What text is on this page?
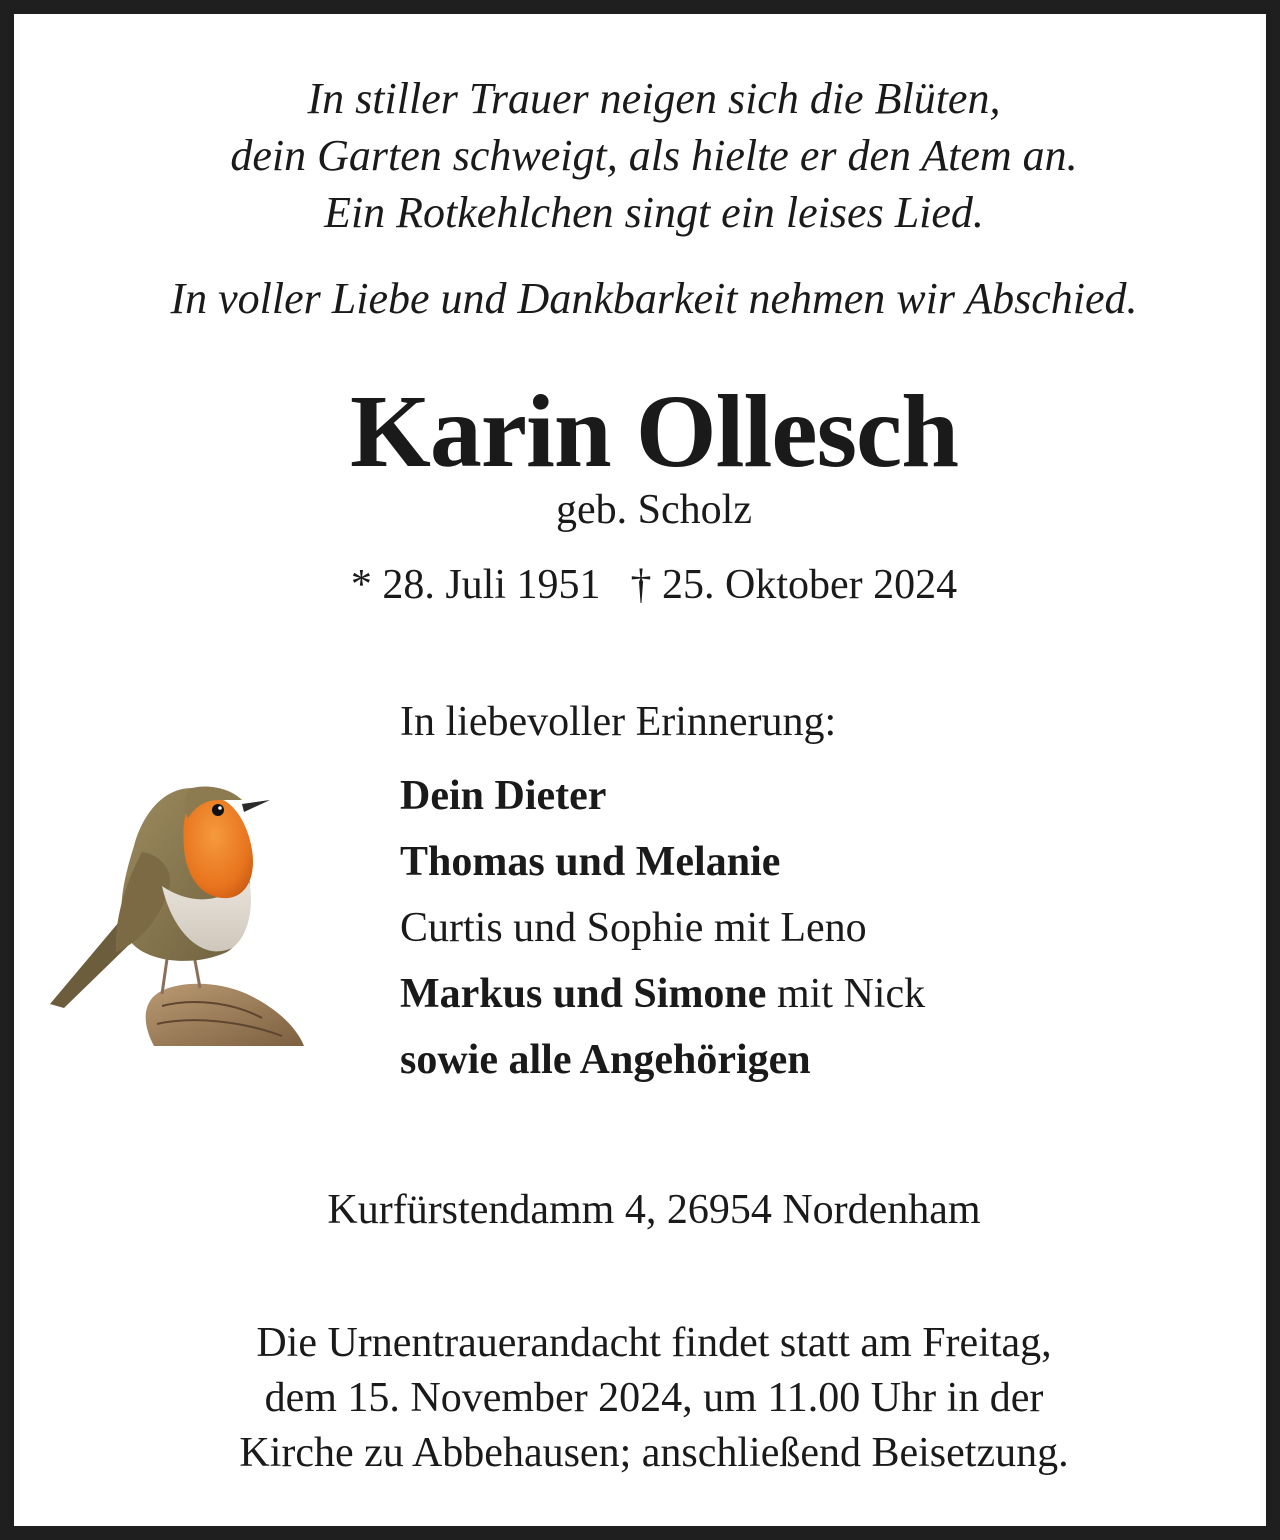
In stiller Trauer neigen sich die Blüten,
dein Garten schweigt, als hielte er den Atem an.
Ein Rotkehlchen singt ein leises Lied.
In voller Liebe und Dankbarkeit nehmen wir Abschied.
Karin Ollesch
geb. Scholz
* 28. Juli 1951 † 25. Oktober 2024
In liebevoller Erinnerung:
Dein Dieter
Thomas und Melanie
Curtis und Sophie mit Leno
Markus und Simone mit Nick
sowie alle Angehörigen
Kurfürstendamm 4, 26954 Nordenham
Die Urnentrauerandacht findet statt am Freitag,
dem 15. November 2024, um 11.00 Uhr in der
Kirche zu Abbehausen; anschließend Beisetzung.
